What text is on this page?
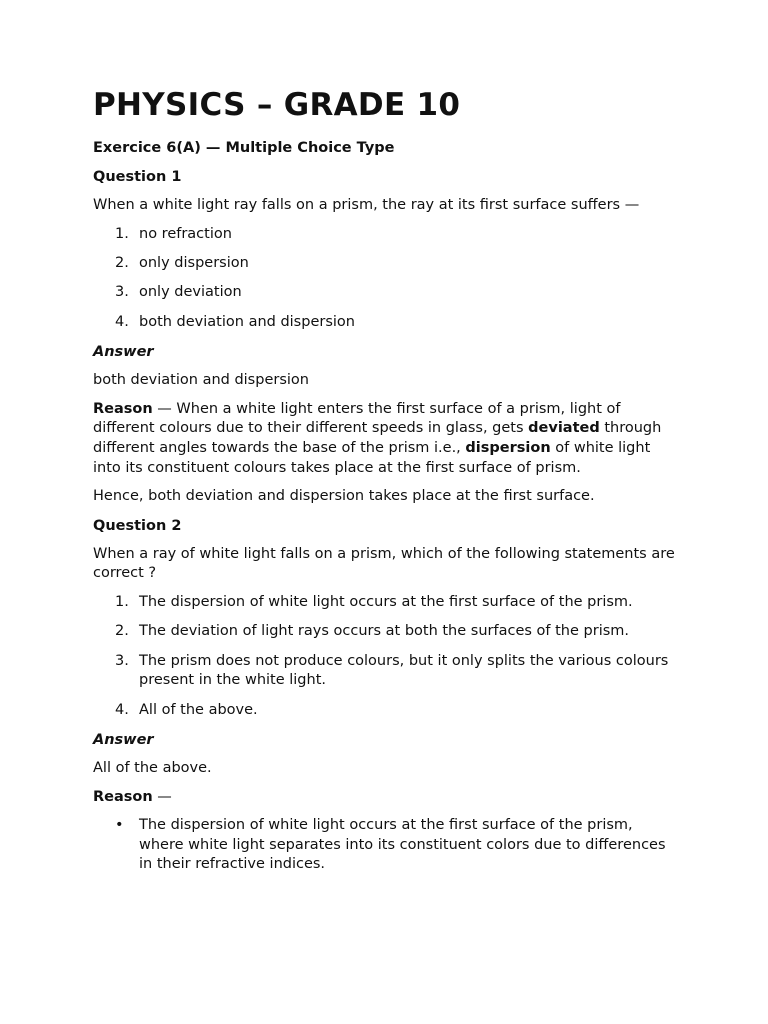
PHYSICS – GRADE 10
Exercice 6(A) — Multiple Choice Type
Question 1

When a white light ray falls on a prism, the ray at its first surface suffers —

1. no refraction
2. only dispersion
3. only deviation
4. both deviation and dispersion
Answer

both deviation and dispersion

Reason — When a white light enters the first surface of a prism, light of different colours due to their different speeds in glass, gets deviated through different angles towards the base of the prism i.e., dispersion of white light into its constituent colours takes place at the first surface of prism.

Hence, both deviation and dispersion takes place at the first surface.

Question 2

When a ray of white light falls on a prism, which of the following statements are correct ?

1. The dispersion of white light occurs at the first surface of the prism.
2. The deviation of light rays occurs at both the surfaces of the prism.
3. The prism does not produce colours, but it only splits the various colours present in the white light.
4. All of the above.
Answer

All of the above.

Reason —

• The dispersion of white light occurs at the first surface of the prism, where white light separates into its constituent colors due to differences in their refractive indices.
